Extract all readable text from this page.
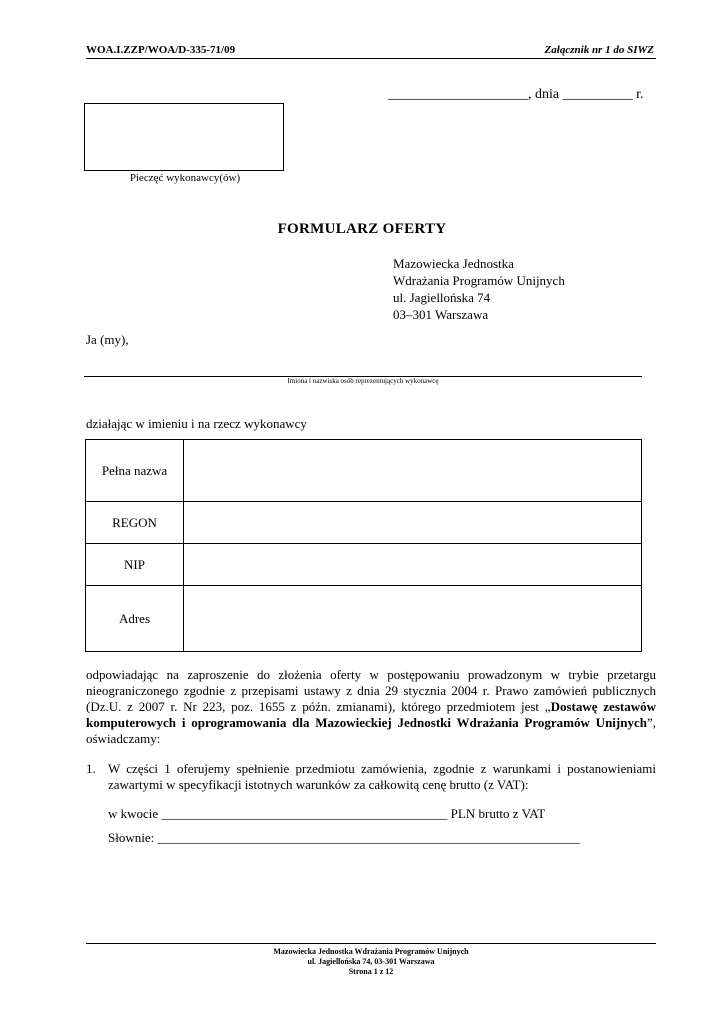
WOA.I.ZZP/WOA/D-335-71/09	Załącznik nr 1 do SIWZ
____________________, dnia __________ r.
Pieczęć wykonawcy(ów)
FORMULARZ OFERTY
Mazowiecka Jednostka
Wdrażania Programów Unijnych
ul. Jagiellońska 74
03–301 Warszawa
Ja (my),
Imiona i nazwiska osób reprezentujących wykonawcę
działając w imieniu i na rzecz wykonawcy
Pełna nazwa	
REGON	
NIP	
Adres	
odpowiadając na zaproszenie do złożenia oferty w postępowaniu prowadzonym w trybie przetargu nieograniczonego zgodnie z przepisami ustawy z dnia 29 stycznia 2004 r. Prawo zamówień publicznych (Dz.U. z 2007 r. Nr 223, poz. 1655 z późn. zmianami), którego przedmiotem jest „Dostawę zestawów komputerowych i oprogramowania dla Mazowieckiej Jednostki Wdrażania Programów Unijnych”, oświadczamy:
1. W części 1 oferujemy spełnienie przedmiotu zamówienia, zgodnie z warunkami i postanowieniami zawartymi w specyfikacji istotnych warunków za całkowitą cenę brutto (z VAT):
w kwocie ____________________________________________ PLN brutto z VAT
Słownie: _________________________________________________________________
Mazowiecka Jednostka Wdrażania Programów Unijnych
ul. Jagiellońska 74, 03-301 Warszawa
Strona 1 z 12
